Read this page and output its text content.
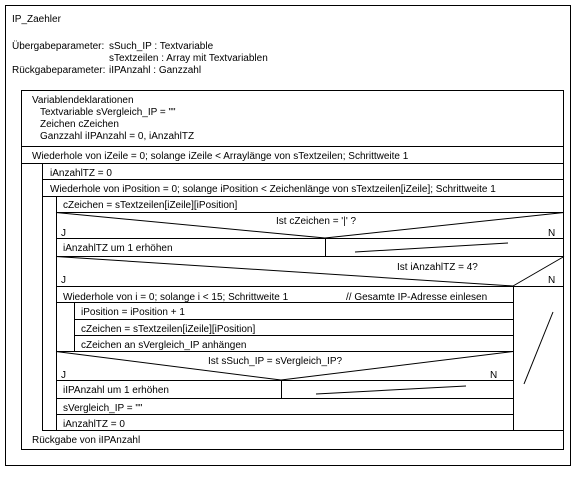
IP_Zaehler
Übergabeparameter: sSuch_IP : Textvariable
sTextzeilen : Array mit Textvariablen
Rückgabeparameter: iIPAnzahl : Ganzzahl
Variablendeklarationen
Textvariable sVergleich_IP = ""
Zeichen cZeichen
Ganzzahl iIPAnzahl = 0, iAnzahlTZ
Wiederhole von iZeile = 0; solange iZeile < Arraylänge von sTextzeilen; Schrittweite 1
iAnzahlTZ = 0
Wiederhole von iPosition = 0; solange iPosition < Zeichenlänge von sTextzeilen[iZeile]; Schrittweite 1
cZeichen = sTextzeilen[iZeile][iPosition]
Ist cZeichen = '|' ?
J	N
iAnzahlTZ um 1 erhöhen
Ist iAnzahlTZ = 4?
J	N
Wiederhole von i = 0; solange i < 15; Schrittweite 1	// Gesamte IP-Adresse einlesen
iPosition = iPosition + 1
cZeichen = sTextzeilen[iZeile][iPosition]
cZeichen an sVergleich_IP anhängen
Ist sSuch_IP = sVergleich_IP?
J	N
iIPAnzahl um 1 erhöhen
sVergleich_IP = ""
iAnzahlTZ = 0
Rückgabe von iIPAnzahl
